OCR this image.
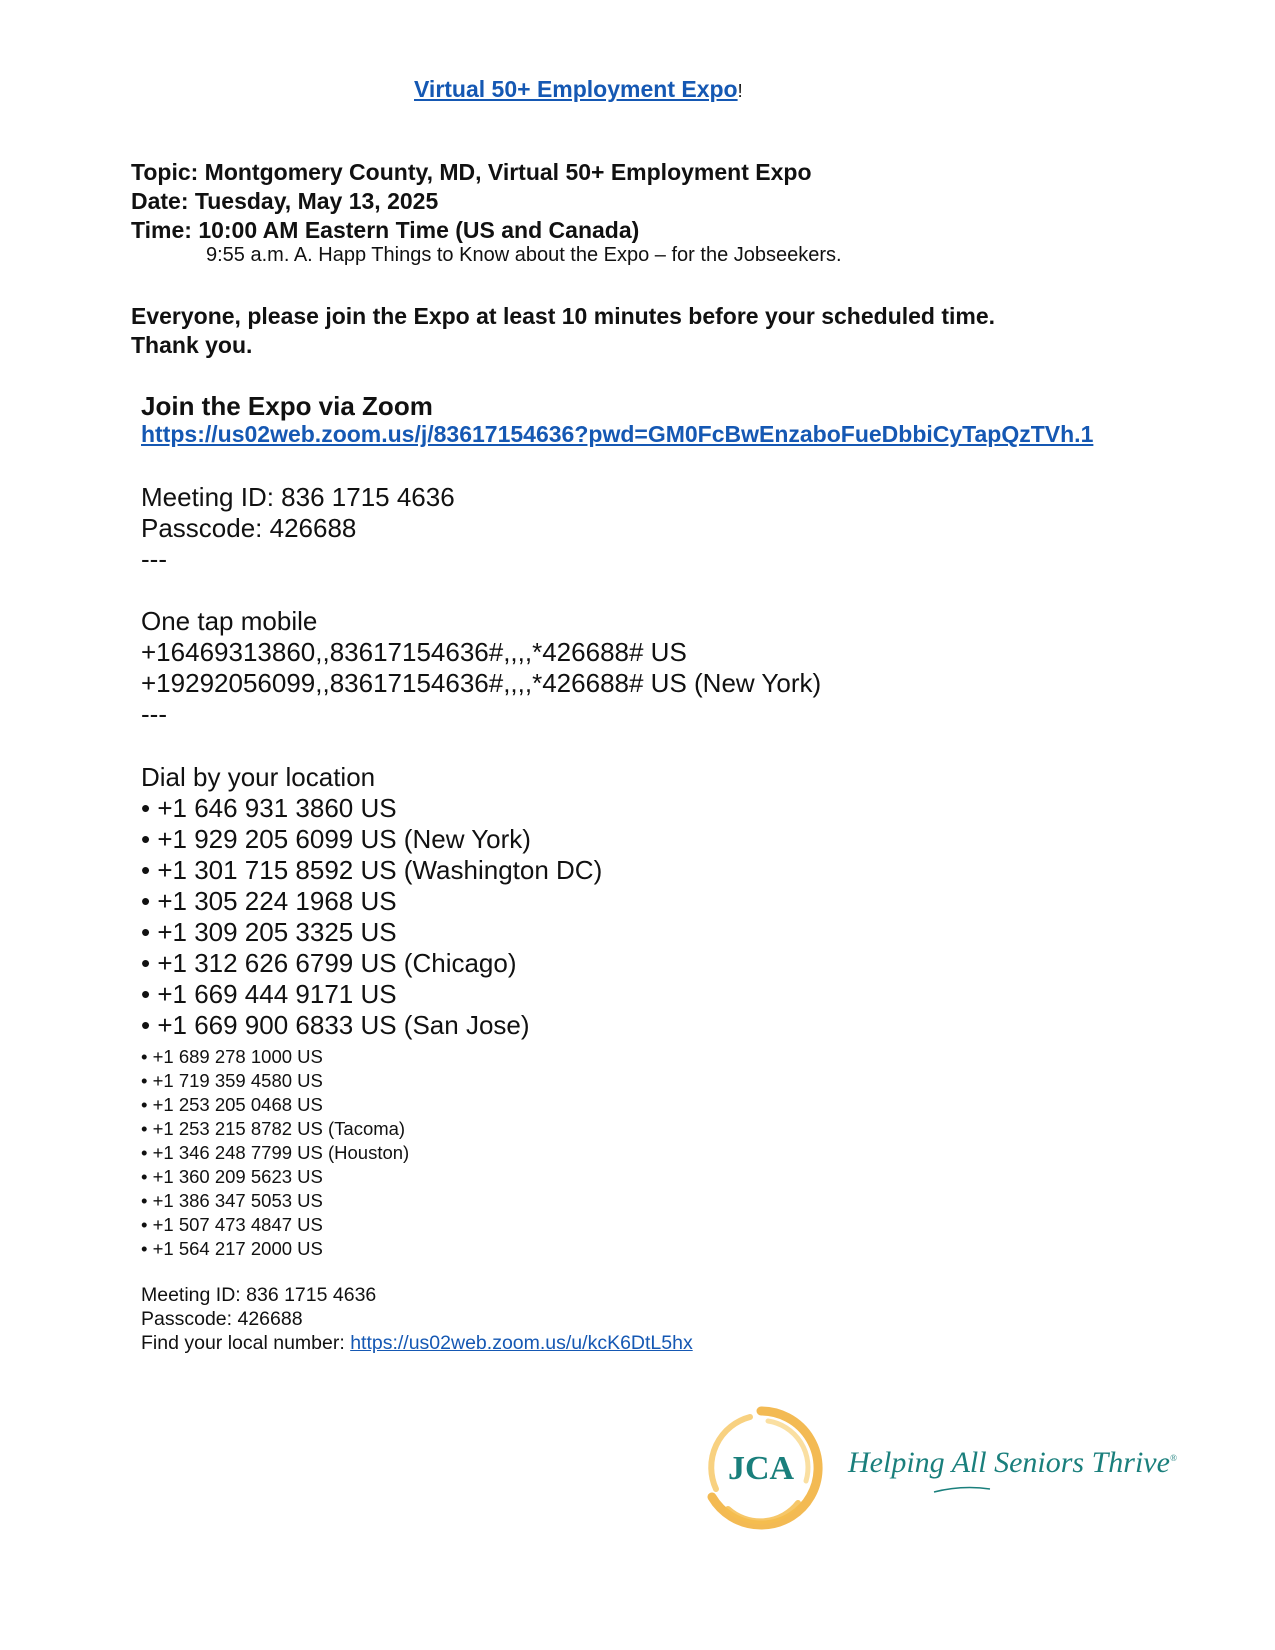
Virtual 50+ Employment Expo!
Topic: Montgomery County, MD, Virtual 50+ Employment Expo
Date: Tuesday, May 13, 2025
Time: 10:00 AM Eastern Time (US and Canada)
9:55 a.m. A. Happ Things to Know about the Expo – for the Jobseekers.
Everyone, please join the Expo at least 10 minutes before your scheduled time.
Thank you.
Join the Expo via Zoom
https://us02web.zoom.us/j/83617154636?pwd=GM0FcBwEnzaboFueDbbiCyTapQzTVh.1
Meeting ID: 836 1715 4636
Passcode: 426688
---
One tap mobile
+16469313860,,83617154636#,,,,*426688# US
+19292056099,,83617154636#,,,,*426688# US (New York)
---
Dial by your location
• +1 646 931 3860 US
• +1 929 205 6099 US (New York)
• +1 301 715 8592 US (Washington DC)
• +1 305 224 1968 US
• +1 309 205 3325 US
• +1 312 626 6799 US (Chicago)
• +1 669 444 9171 US
• +1 669 900 6833 US (San Jose)
• +1 689 278 1000 US
• +1 719 359 4580 US
• +1 253 205 0468 US
• +1 253 215 8782 US (Tacoma)
• +1 346 248 7799 US (Houston)
• +1 360 209 5623 US
• +1 386 347 5053 US
• +1 507 473 4847 US
• +1 564 217 2000 US
Meeting ID: 836 1715 4636
Passcode: 426688
Find your local number: https://us02web.zoom.us/u/kcK6DtL5hx
JCA Helping All Seniors Thrive®
